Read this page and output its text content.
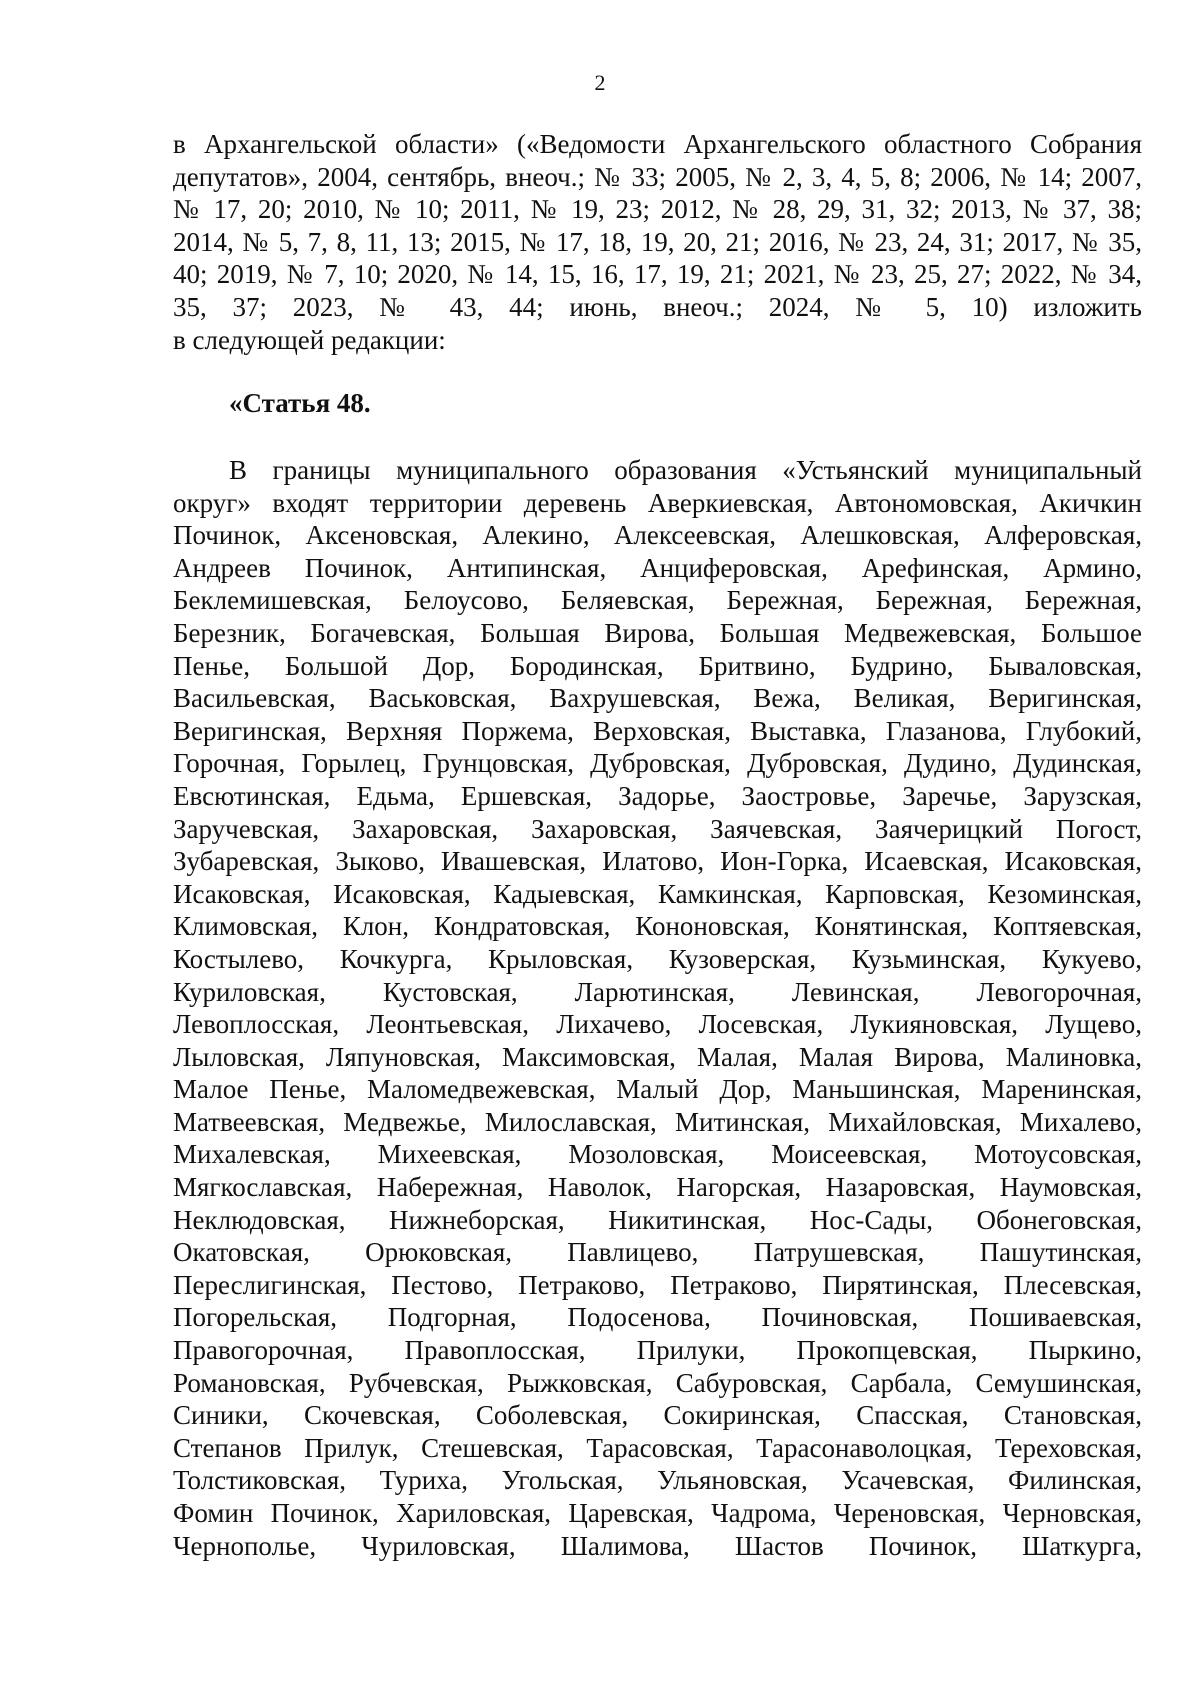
2
в Архангельской области» («Ведомости Архангельского областного Собрания
депутатов», 2004, сентябрь, внеоч.; № 33; 2005, № 2, 3, 4, 5, 8; 2006, № 14; 2007,
№ 17, 20; 2010, № 10; 2011, № 19, 23; 2012, № 28, 29, 31, 32; 2013, № 37, 38;
2014, № 5, 7, 8, 11, 13; 2015, № 17, 18, 19, 20, 21; 2016, № 23, 24, 31; 2017, № 35,
40; 2019, № 7, 10; 2020, № 14, 15, 16, 17, 19, 21; 2021, № 23, 25, 27; 2022, № 34,
35, 37; 2023, № 43, 44; июнь, внеоч.; 2024, № 5, 10) изложить
в следующей редакции:
«Статья 48.
В границы муниципального образования «Устьянский муниципальный
округ» входят территории деревень Аверкиевская, Автономовская, Акичкин
Починок, Аксеновская, Алекино, Алексеевская, Алешковская, Алферовская,
Андреев Починок, Антипинская, Анциферовская, Арефинская, Армино,
Беклемишевская, Белоусово, Беляевская, Бережная, Бережная, Бережная,
Березник, Богачевская, Большая Вирова, Большая Медвежевская, Большое
Пенье, Большой Дор, Бородинская, Бритвино, Будрино, Бываловская,
Васильевская, Васьковская, Вахрушевская, Вежа, Великая, Веригинская,
Веригинская, Верхняя Поржема, Верховская, Выставка, Глазанова, Глубокий,
Горочная, Горылец, Грунцовская, Дубровская, Дубровская, Дудино, Дудинская,
Евсютинская, Едьма, Ершевская, Задорье, Заостровье, Заречье, Зарузская,
Заручевская, Захаровская, Захаровская, Заячевская, Заячерицкий Погост,
Зубаревская, Зыково, Ивашевская, Илатово, Ион-Горка, Исаевская, Исаковская,
Исаковская, Исаковская, Кадыевская, Камкинская, Карповская, Кезоминская,
Климовская, Клон, Кондратовская, Кононовская, Конятинская, Коптяевская,
Костылево, Кочкурга, Крыловская, Кузоверская, Кузьминская, Кукуево,
Куриловская, Кустовская, Ларютинская, Левинская, Левогорочная,
Левоплосская, Леонтьевская, Лихачево, Лосевская, Лукияновская, Лущево,
Лыловская, Ляпуновская, Максимовская, Малая, Малая Вирова, Малиновка,
Малое Пенье, Маломедвежевская, Малый Дор, Маньшинская, Маренинская,
Матвеевская, Медвежье, Милославская, Митинская, Михайловская, Михалево,
Михалевская, Михеевская, Мозоловская, Моисеевская, Мотоусовская,
Мягкославская, Набережная, Наволок, Нагорская, Назаровская, Наумовская,
Неклюдовская, Нижнеборская, Никитинская, Нос-Сады, Обонеговская,
Окатовская, Орюковская, Павлицево, Патрушевская, Пашутинская,
Переслигинская, Пестово, Петраково, Петраково, Пирятинская, Плесевская,
Погорельская, Подгорная, Подосенова, Починовская, Пошиваевская,
Правогорочная, Правоплосская, Прилуки, Прокопцевская, Пыркино,
Романовская, Рубчевская, Рыжковская, Сабуровская, Сарбала, Семушинская,
Синики, Скочевская, Соболевская, Сокиринская, Спасская, Становская,
Степанов Прилук, Стешевская, Тарасовская, Тарасонаволоцкая, Тереховская,
Толстиковская, Туриха, Угольская, Ульяновская, Усачевская, Филинская,
Фомин Починок, Хариловская, Царевская, Чадрома, Череновская, Черновская,
Чернополье, Чуриловская, Шалимова, Шастов Починок, Шаткурга,
